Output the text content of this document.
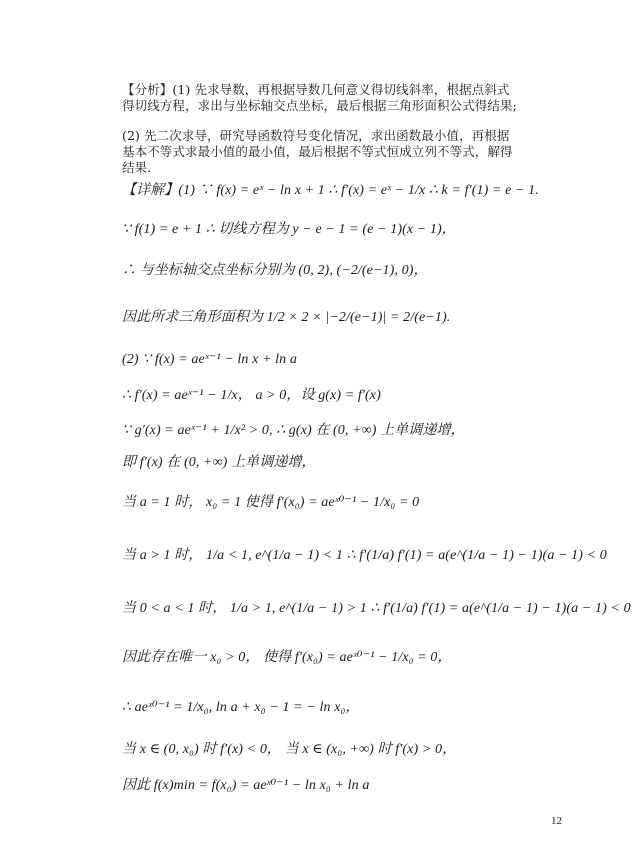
【分析】(1) 先求导数，再根据导数几何意义得切线斜率，根据点斜式得切线方程，求出与坐标轴交点坐标，最后根据三角形面积公式得结果;
(2) 先二次求导，研究导函数符号变化情况，求出函数最小值，再根据基本不等式求最小值的最小值，最后根据不等式恒成立列不等式，解得结果.
【详解】(1) ∵ f(x) = eˣ − ln x + 1 ∴ f′(x) = eˣ − 1/x ∴ k = f′(1) = e − 1.
∵ f(1) = e + 1 ∴ 切线方程为 y − e − 1 = (e − 1)(x − 1)，
∴ 与坐标轴交点坐标分别为 (0, 2), (−2/(e−1), 0)，
因此所求三角形面积为 1/2 × 2 × |−2/(e−1)| = 2/(e−1).
(2) ∵ f(x) = aeˣ⁻¹ − ln x + ln a
∴ f′(x) = aeˣ⁻¹ − 1/x， a > 0，设 g(x) = f′(x)
∵ g′(x) = aeˣ⁻¹ + 1/x² > 0, ∴ g(x) 在 (0, +∞) 上单调递增，
即 f′(x) 在 (0, +∞) 上单调递增，
当 a = 1 时， x₀ = 1 使得 f′(x₀) = aeˣ⁰⁻¹ − 1/x₀ = 0
当 a > 1 时， 1/a < 1, e^(1/a − 1) < 1 ∴ f′(1/a) f′(1) = a(e^(1/a − 1) − 1)(a − 1) < 0
当 0 < a < 1 时， 1/a > 1, e^(1/a − 1) > 1 ∴ f′(1/a) f′(1) = a(e^(1/a − 1) − 1)(a − 1) < 0
因此存在唯一 x₀ > 0， 使得 f′(x₀) = aeˣ⁰⁻¹ − 1/x₀ = 0，
∴ aeˣ⁰⁻¹ = 1/x₀, ln a + x₀ − 1 = − ln x₀，
当 x ∈ (0, x₀) 时 f′(x) < 0， 当 x ∈ (x₀, +∞) 时 f′(x) > 0，
因此 f(x)min = f(x₀) = aeˣ⁰⁻¹ − ln x₀ + ln a
12
